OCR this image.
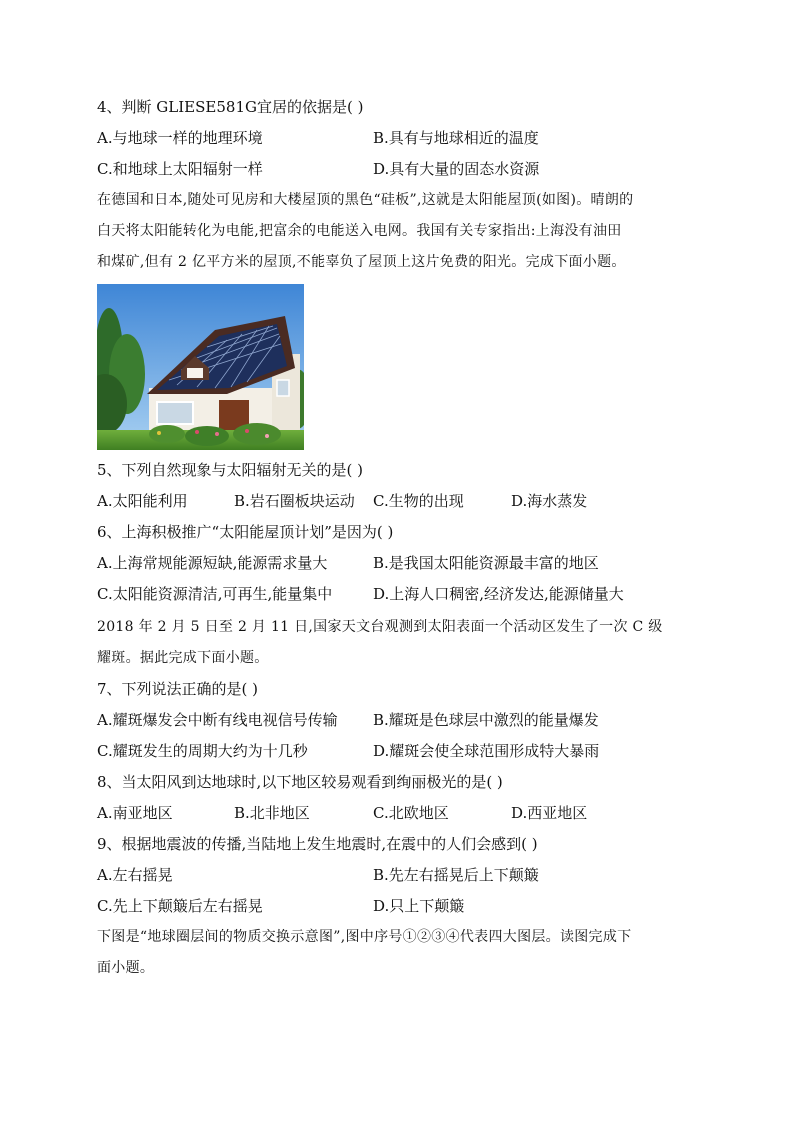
4、判断 GLIESE581G宜居的依据是( )
A.与地球一样的地理环境	B.具有与地球相近的温度
C.和地球上太阳辐射一样	D.具有大量的固态水资源
在德国和日本,随处可见房和大楼屋顶的黑色“硅板”,这就是太阳能屋顶(如图)。晴朗的
白天将太阳能转化为电能,把富余的电能送入电网。我国有关专家指出:上海没有油田
和煤矿,但有 2 亿平方米的屋顶,不能辜负了屋顶上这片免费的阳光。完成下面小题。
5、下列自然现象与太阳辐射无关的是( )
A.太阳能利用	B.岩石圈板块运动 C.生物的出现	D.海水蒸发
6、上海积极推广“太阳能屋顶计划”是因为( )
A.上海常规能源短缺,能源需求量大	B.是我国太阳能资源最丰富的地区
C.太阳能资源清洁,可再生,能量集中	D.上海人口稠密,经济发达,能源储量大
2018 年 2 月 5 日至 2 月 11 日,国家天文台观测到太阳表面一个活动区发生了一次 C 级
耀斑。据此完成下面小题。
7、下列说法正确的是( )
A.耀斑爆发会中断有线电视信号传输 B.耀斑是色球层中激烈的能量爆发
C.耀斑发生的周期大约为十几秒	D.耀斑会使全球范围形成特大暴雨
8、当太阳风到达地球时,以下地区较易观看到绚丽极光的是( )
A.南亚地区	B.北非地区	C.北欧地区	D.西亚地区
9、根据地震波的传播,当陆地上发生地震时,在震中的人们会感到( )
A.左右摇晃	B.先左右摇晃后上下颠簸
C.先上下颠簸后左右摇晃	D.只上下颠簸
下图是“地球圈层间的物质交换示意图”,图中序号①②③④代表四大图层。读图完成下
面小题。
